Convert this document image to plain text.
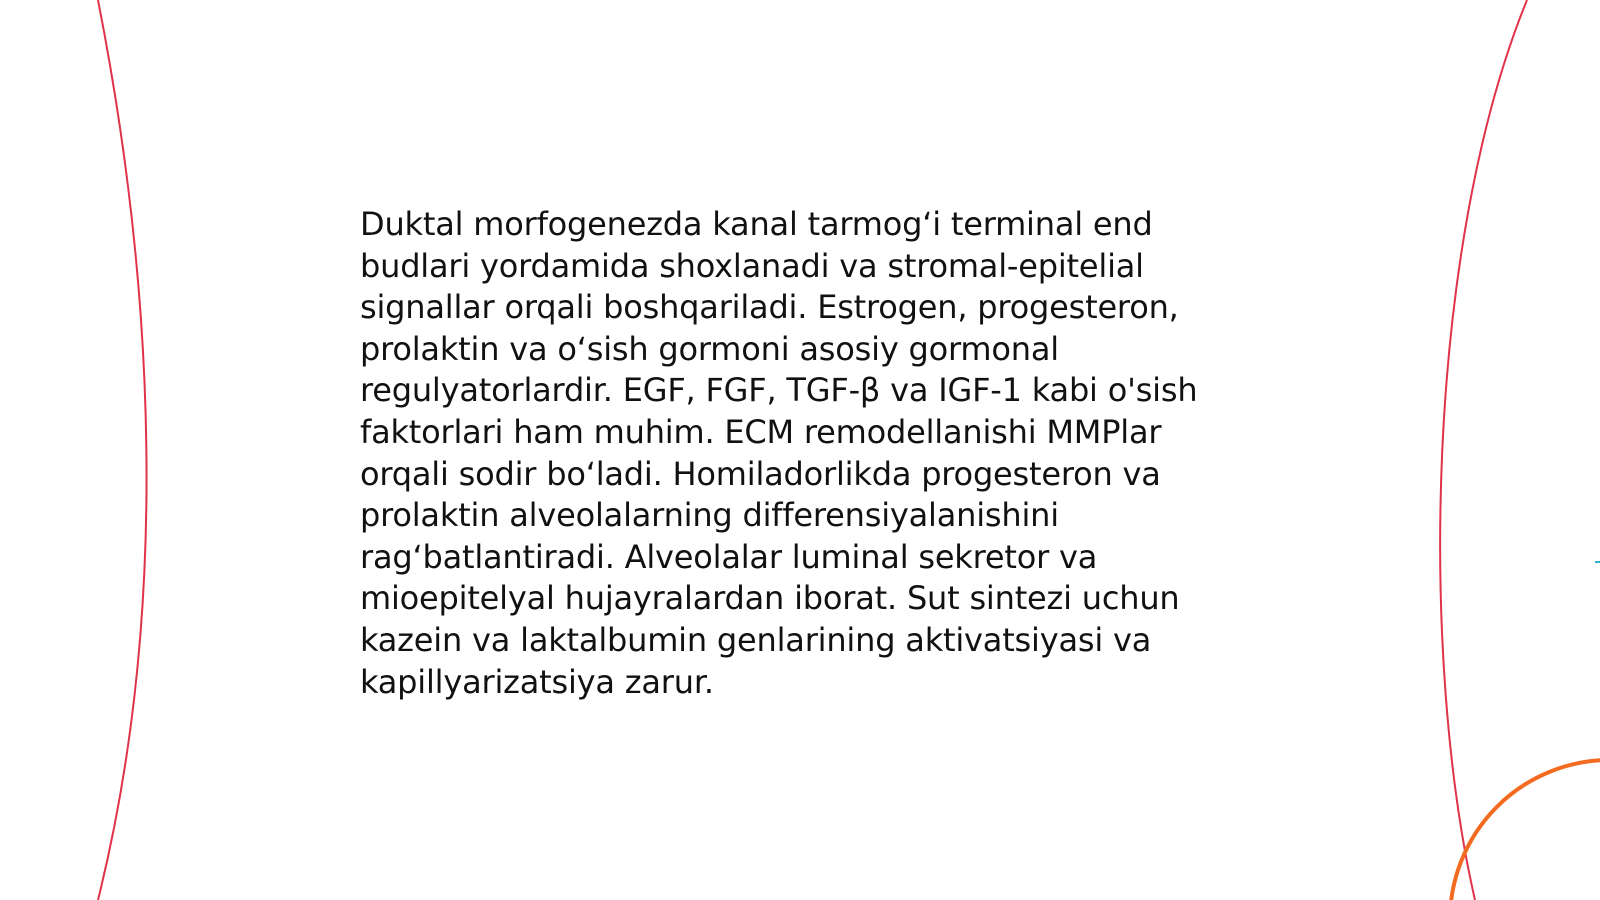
Duktal morfogenezda kanal tarmog‘i terminal end
budlari yordamida shoxlanadi va stromal-epitelial
signallar orqali boshqariladi. Estrogen, progesteron,
prolaktin va o‘sish gormoni asosiy gormonal
regulyatorlardir. EGF, FGF, TGF-β va IGF-1 kabi o'sish
faktorlari ham muhim. ECM remodellanishi MMPlar
orqali sodir bo‘ladi. Homiladorlikda progesteron va
prolaktin alveolalarning differensiyalanishini
rag‘batlantiradi. Alveolalar luminal sekretor va
mioepitelyal hujayralardan iborat. Sut sintezi uchun
kazein va laktalbumin genlarining aktivatsiyasi va
kapillyarizatsiya zarur.
